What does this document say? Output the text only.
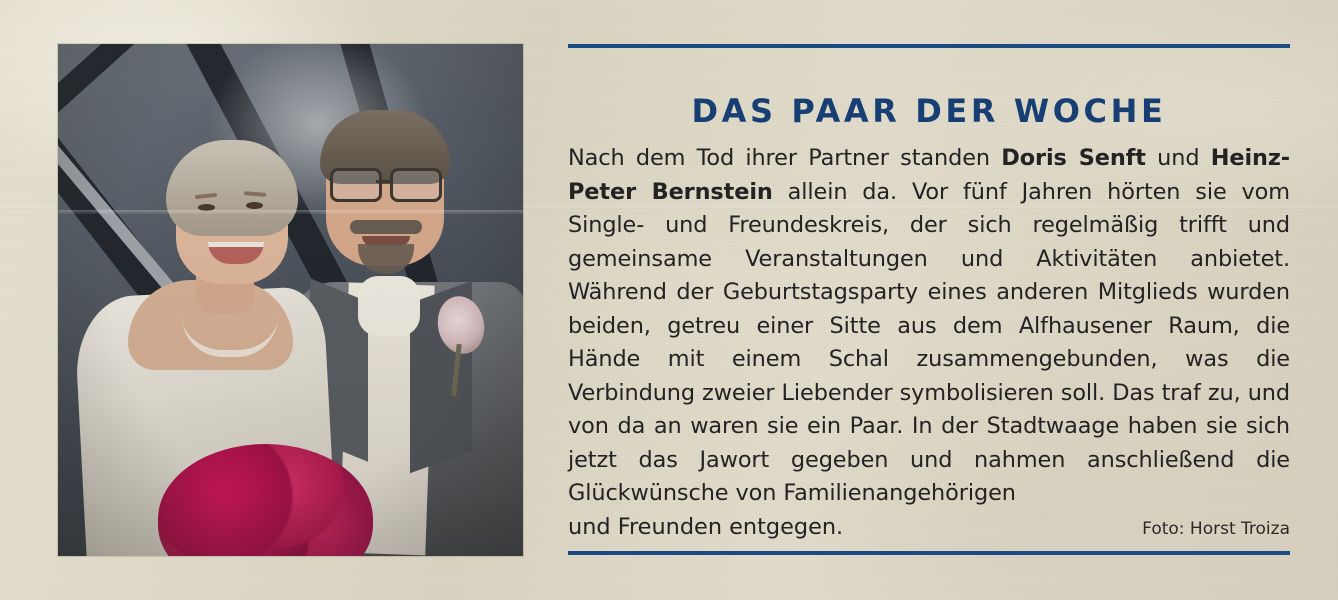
DAS PAAR DER WOCHE

Nach dem Tod ihrer Partner standen Doris Senft und Heinz-Peter Bernstein allein da. Vor fünf Jahren hörten sie vom Single- und Freundeskreis, der sich regelmäßig trifft und gemeinsame Veranstaltungen und Aktivitäten anbietet. Während der Geburtstagsparty eines anderen Mitglieds wurden beiden, getreu einer Sitte aus dem Alfhausener Raum, die Hände mit einem Schal zusammengebunden, was die Verbindung zweier Liebender symbolisieren soll. Das traf zu, und von da an waren sie ein Paar. In der Stadtwaage haben sie sich jetzt das Jawort gegeben und nahmen anschließend die Glückwünsche von Familienangehörigen

und Freunden entgegen.	Foto: Horst Troiza
